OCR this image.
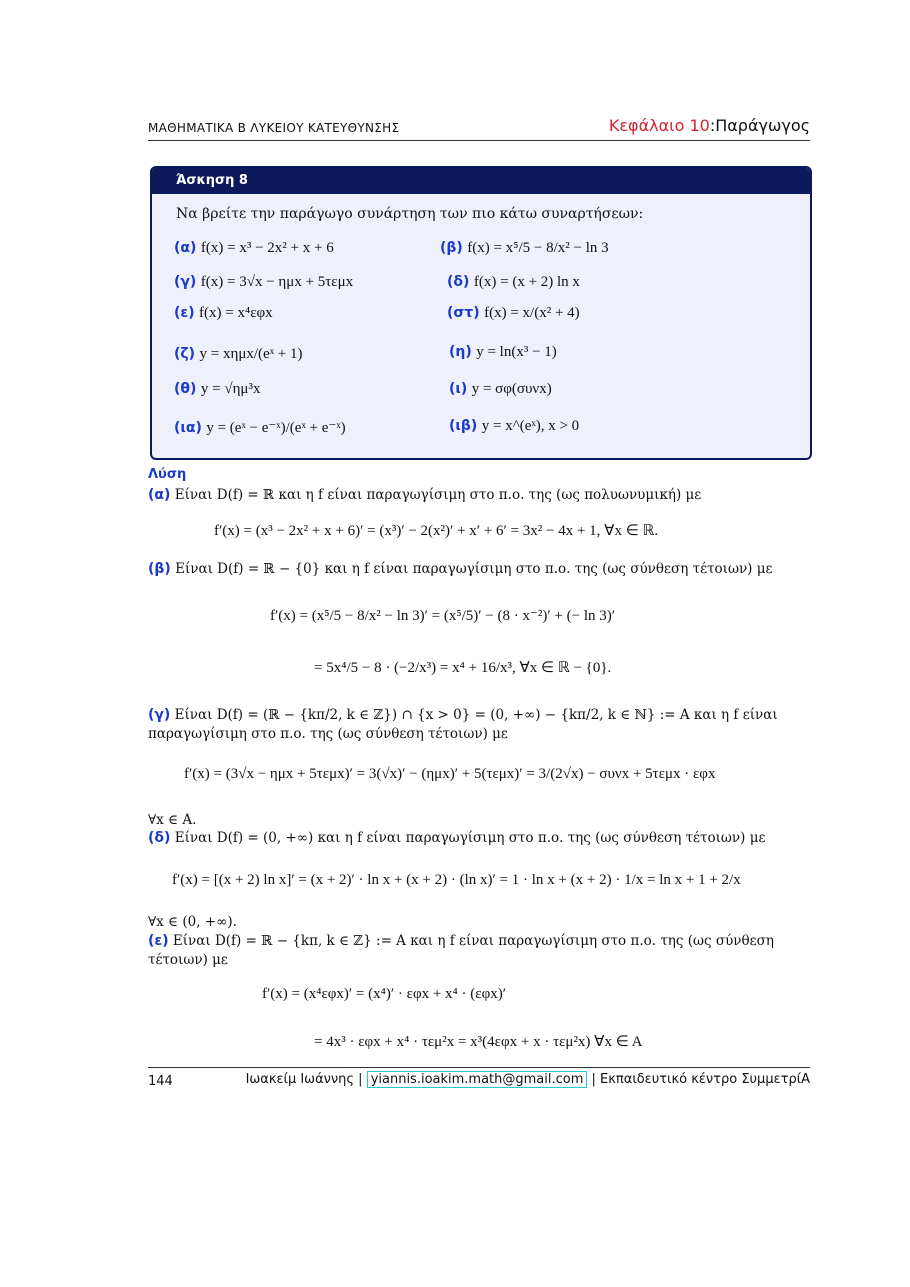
ΜΑΘΗΜΑΤΙΚΑ Β ΛΥΚΕΙΟΥ ΚΑΤΕΥΘΥΝΣΗΣ	Κεφάλαιο 10:Παράγωγος
Άσκηση 8
Να βρείτε την παράγωγο συνάρτηση των πιο κάτω συναρτήσεων:
(α) f(x) = x³ − 2x² + x + 6	(β) f(x) = x⁵/5 − 8/x² − ln 3
(γ) f(x) = 3√x − ημx + 5τεμx	(δ) f(x) = (x + 2) ln x
(ε) f(x) = x⁴εφx	(στ) f(x) = x/(x² + 4)
(ζ) y = xημx/(eˣ + 1)	(η) y = ln(x³ − 1)
(θ) y = √ημ³x	(ι) y = σφ(συνx)
(ια) y = (eˣ − e⁻ˣ)/(eˣ + e⁻ˣ)	(ιβ) y = x^(eˣ), x > 0
Λύση
(α) Είναι D(f) = ℝ και η f είναι παραγωγίσιμη στο π.ο. της (ως πολυωνυμική) με
f′(x) = (x³ − 2x² + x + 6)′ = (x³)′ − 2(x²)′ + x′ + 6′ = 3x² − 4x + 1, ∀x ∈ ℝ.
(β) Είναι D(f) = ℝ − {0} και η f είναι παραγωγίσιμη στο π.ο. της (ως σύνθεση τέτοιων) με
f′(x) = (x⁵/5 − 8/x² − ln 3)′ = (x⁵/5)′ − (8 · x⁻²)′ + (− ln 3)′
= 5x⁴/5 − 8 · (−2/x³) = x⁴ + 16/x³, ∀x ∈ ℝ − {0}.
(γ) Είναι D(f) = (ℝ − {kπ/2, k ∈ ℤ}) ∩ {x > 0} = (0, +∞) − {kπ/2, k ∈ ℕ} := A και η f είναι παραγωγίσιμη στο π.ο. της (ως σύνθεση τέτοιων) με
f′(x) = (3√x − ημx + 5τεμx)′ = 3(√x)′ − (ημx)′ + 5(τεμx)′ = 3/(2√x) − συνx + 5τεμx · εφx
∀x ∈ A.
(δ) Είναι D(f) = (0, +∞) και η f είναι παραγωγίσιμη στο π.ο. της (ως σύνθεση τέτοιων) με
f′(x) = [(x + 2) ln x]′ = (x + 2)′ · ln x + (x + 2) · (ln x)′ = 1 · ln x + (x + 2) · 1/x = ln x + 1 + 2/x
∀x ∈ (0, +∞).
(ε) Είναι D(f) = ℝ − {kπ, k ∈ ℤ} := A και η f είναι παραγωγίσιμη στο π.ο. της (ως σύνθεση τέτοιων) με
f′(x) = (x⁴εφx)′ = (x⁴)′ · εφx + x⁴ · (εφx)′
= 4x³ · εφx + x⁴ · τεμ²x = x³(4εφx + x · τεμ²x) ∀x ∈ A
144	Ιωακείμ Ιωάννης | yiannis.ioakim.math@gmail.com | Εκπαιδευτικό κέντρο ΣυμμετρίΑ
